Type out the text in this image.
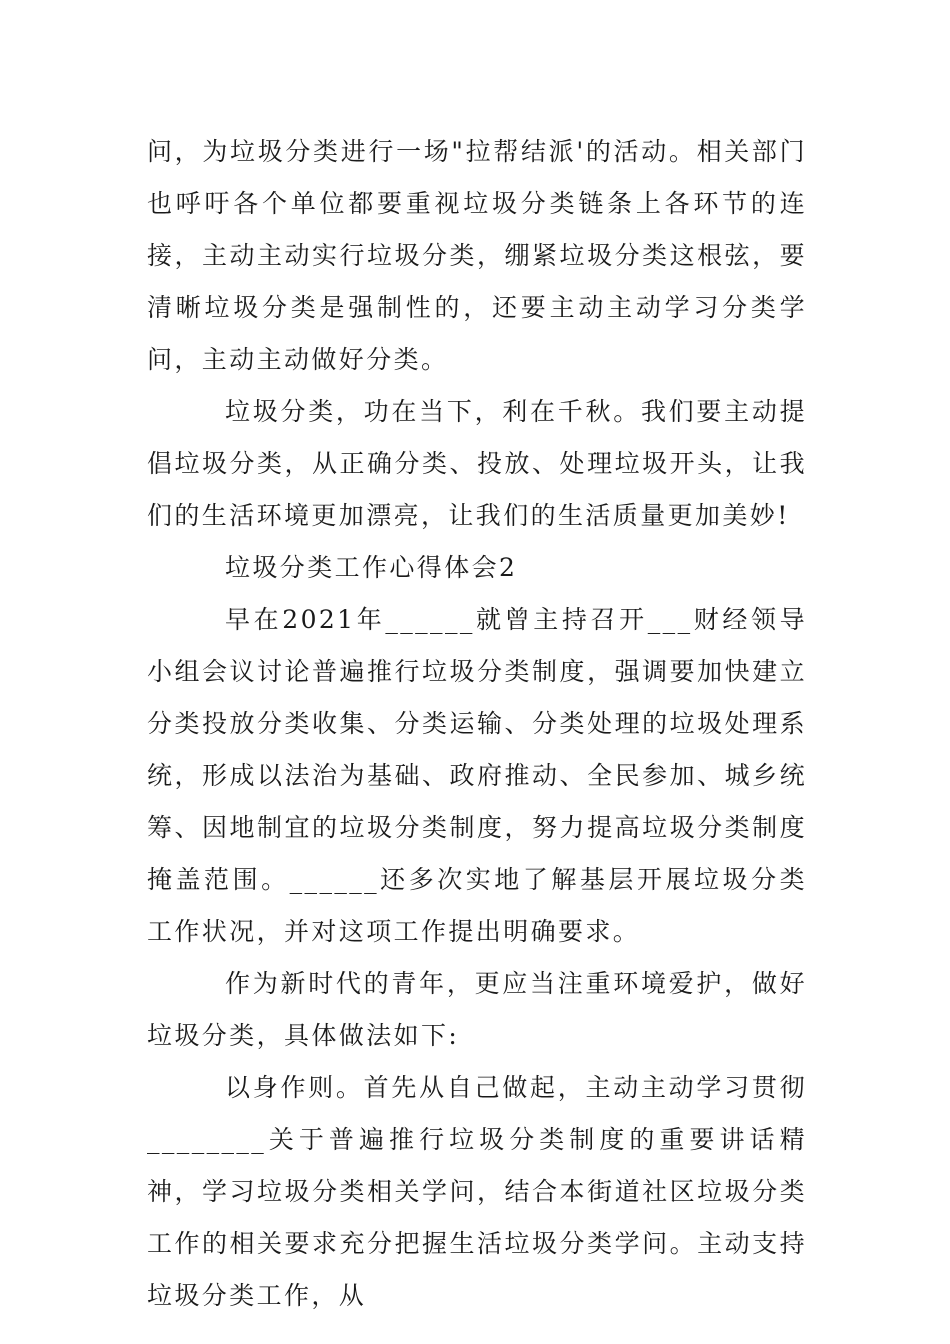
问，为垃圾分类进行一场"拉帮结派'的活动。相关部门也呼吁各个单位都要重视垃圾分类链条上各环节的连接，主动主动实行垃圾分类，绷紧垃圾分类这根弦，要清晰垃圾分类是强制性的，还要主动主动学习分类学问，主动主动做好分类。

垃圾分类，功在当下，利在千秋。我们要主动提倡垃圾分类，从正确分类、投放、处理垃圾开头，让我们的生活环境更加漂亮，让我们的生活质量更加美妙!

垃圾分类工作心得体会2

早在2021年______就曾主持召开___财经领导小组会议讨论普遍推行垃圾分类制度，强调要加快建立分类投放分类收集、分类运输、分类处理的垃圾处理系统，形成以法治为基础、政府推动、全民参加、城乡统筹、因地制宜的垃圾分类制度，努力提高垃圾分类制度掩盖范围。______还多次实地了解基层开展垃圾分类工作状况，并对这项工作提出明确要求。

作为新时代的青年，更应当注重环境爱护，做好垃圾分类，具体做法如下:

以身作则。首先从自己做起，主动主动学习贯彻________关于普遍推行垃圾分类制度的重要讲话精神，学习垃圾分类相关学问，结合本街道社区垃圾分类工作的相关要求充分把握生活垃圾分类学问。主动支持垃圾分类工作，从
